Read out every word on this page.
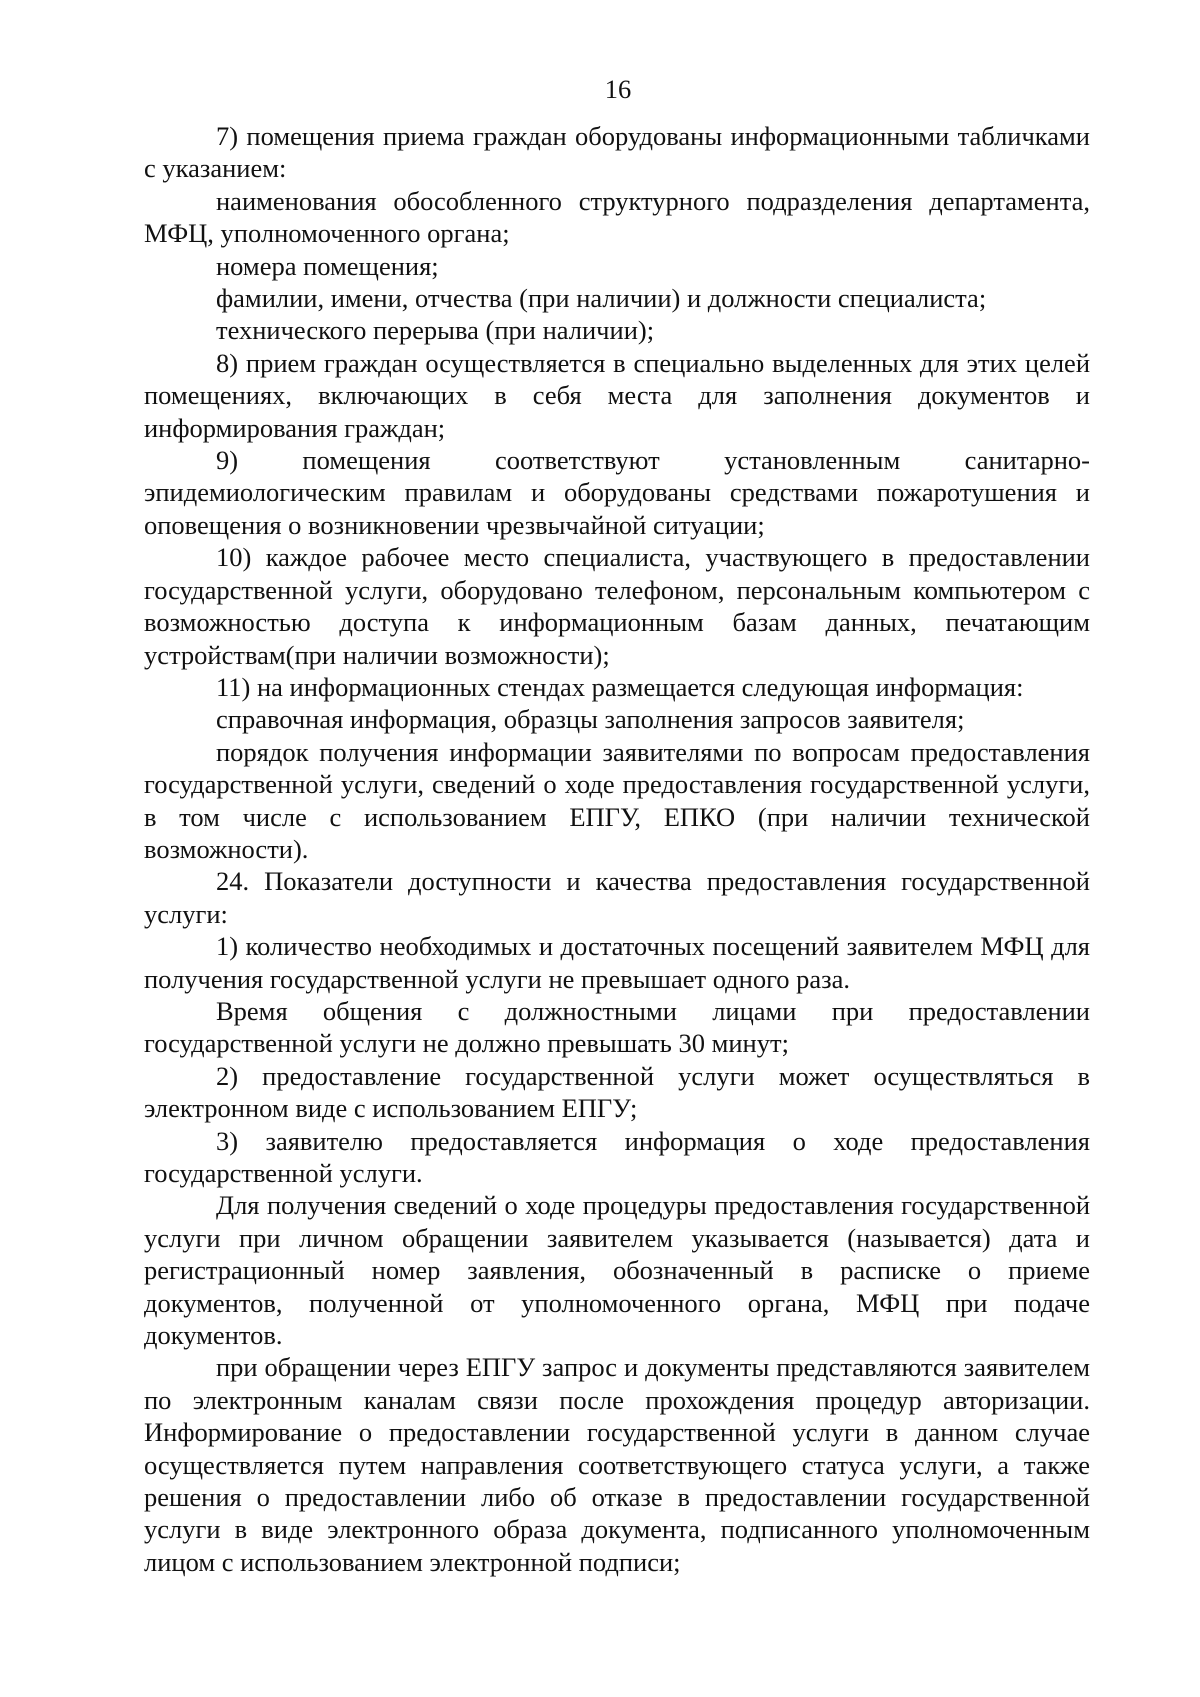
16

7) помещения приема граждан оборудованы информационными табличками с указанием:

наименования обособленного структурного подразделения департамента, МФЦ, уполномоченного органа;

номера помещения;

фамилии, имени, отчества (при наличии) и должности специалиста;

технического перерыва (при наличии);

8) прием граждан осуществляется в специально выделенных для этих целей помещениях, включающих в себя места для заполнения документов и информирования граждан;

9) помещения соответствуют установленным санитарно-эпидемиологическим правилам и оборудованы средствами пожаротушения и оповещения о возникновении чрезвычайной ситуации;

10) каждое рабочее место специалиста, участвующего в предоставлении государственной услуги, оборудовано телефоном, персональным компьютером с возможностью доступа к информационным базам данных, печатающим устройствам(при наличии возможности);

11) на информационных стендах размещается следующая информация:

справочная информация, образцы заполнения запросов заявителя;

порядок получения информации заявителями по вопросам предоставления государственной услуги, сведений о ходе предоставления государственной услуги, в том числе с использованием ЕПГУ, ЕПКО (при наличии технической возможности).

24. Показатели доступности и качества предоставления государственной услуги:

1) количество необходимых и достаточных посещений заявителем МФЦ для получения государственной услуги не превышает одного раза.

Время общения с должностными лицами при предоставлении государственной услуги не должно превышать 30 минут;

2) предоставление государственной услуги может осуществляться в электронном виде с использованием ЕПГУ;

3) заявителю предоставляется информация о ходе предоставления государственной услуги.

Для получения сведений о ходе процедуры предоставления государственной услуги при личном обращении заявителем указывается (называется) дата и регистрационный номер заявления, обозначенный в расписке о приеме документов, полученной от уполномоченного органа, МФЦ при подаче документов.

при обращении через ЕПГУ запрос и документы представляются заявителем по электронным каналам связи после прохождения процедур авторизации. Информирование о предоставлении государственной услуги в данном случае осуществляется путем направления соответствующего статуса услуги, а также решения о предоставлении либо об отказе в предоставлении государственной услуги в виде электронного образа документа, подписанного уполномоченным лицом с использованием электронной подписи;
